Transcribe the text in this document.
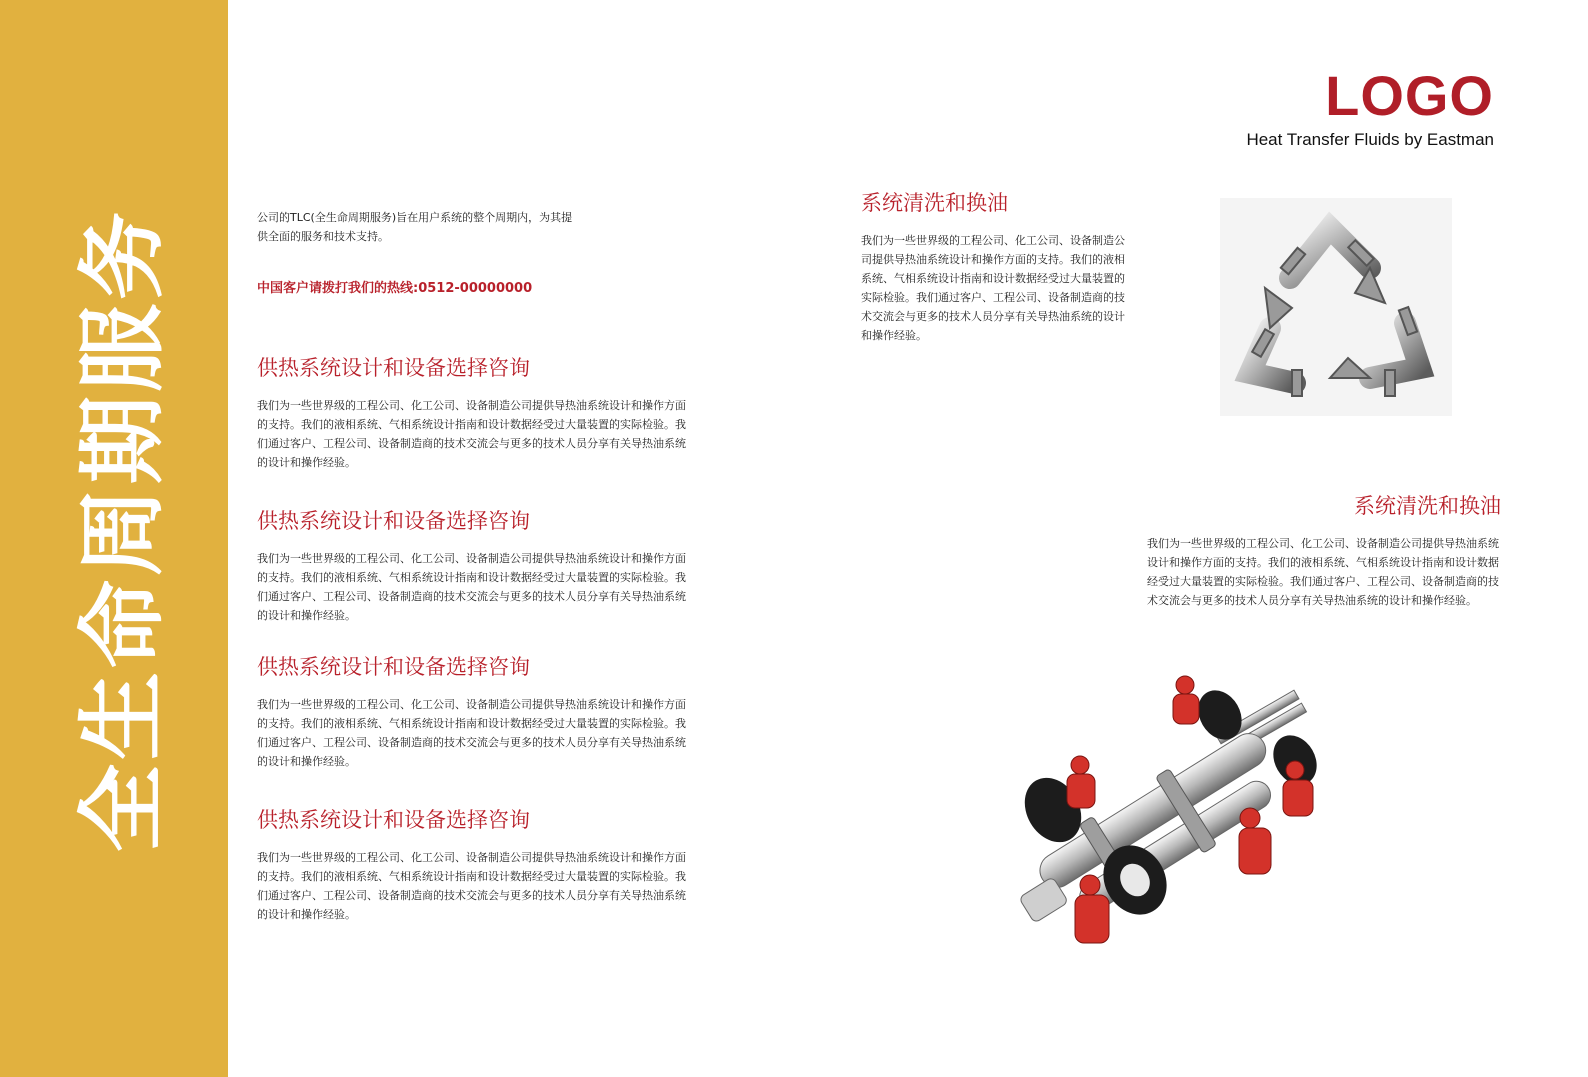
全生命周期服务
LOGO
Heat Transfer Fluids by Eastman
公司的TLC(全生命周期服务)旨在用户系统的整个周期内，为其提供全面的服务和技术支持。
中国客户请拨打我们的热线:0512-00000000
供热系统设计和设备选择咨询
我们为一些世界级的工程公司、化工公司、设备制造公司提供导热油系统设计和操作方面的支持。我们的液相系统、气相系统设计指南和设计数据经受过大量装置的实际检验。我们通过客户、工程公司、设备制造商的技术交流会与更多的技术人员分享有关导热油系统的设计和操作经验。
供热系统设计和设备选择咨询
我们为一些世界级的工程公司、化工公司、设备制造公司提供导热油系统设计和操作方面的支持。我们的液相系统、气相系统设计指南和设计数据经受过大量装置的实际检验。我们通过客户、工程公司、设备制造商的技术交流会与更多的技术人员分享有关导热油系统的设计和操作经验。
供热系统设计和设备选择咨询
我们为一些世界级的工程公司、化工公司、设备制造公司提供导热油系统设计和操作方面的支持。我们的液相系统、气相系统设计指南和设计数据经受过大量装置的实际检验。我们通过客户、工程公司、设备制造商的技术交流会与更多的技术人员分享有关导热油系统的设计和操作经验。
供热系统设计和设备选择咨询
我们为一些世界级的工程公司、化工公司、设备制造公司提供导热油系统设计和操作方面的支持。我们的液相系统、气相系统设计指南和设计数据经受过大量装置的实际检验。我们通过客户、工程公司、设备制造商的技术交流会与更多的技术人员分享有关导热油系统的设计和操作经验。
系统清洗和换油
我们为一些世界级的工程公司、化工公司、设备制造公司提供导热油系统设计和操作方面的支持。我们的液相系统、气相系统设计指南和设计数据经受过大量装置的实际检验。我们通过客户、工程公司、设备制造商的技术交流会与更多的技术人员分享有关导热油系统的设计和操作经验。
系统清洗和换油
我们为一些世界级的工程公司、化工公司、设备制造公司提供导热油系统设计和操作方面的支持。我们的液相系统、气相系统设计指南和设计数据经受过大量装置的实际检验。我们通过客户、工程公司、设备制造商的技术交流会与更多的技术人员分享有关导热油系统的设计和操作经验。
